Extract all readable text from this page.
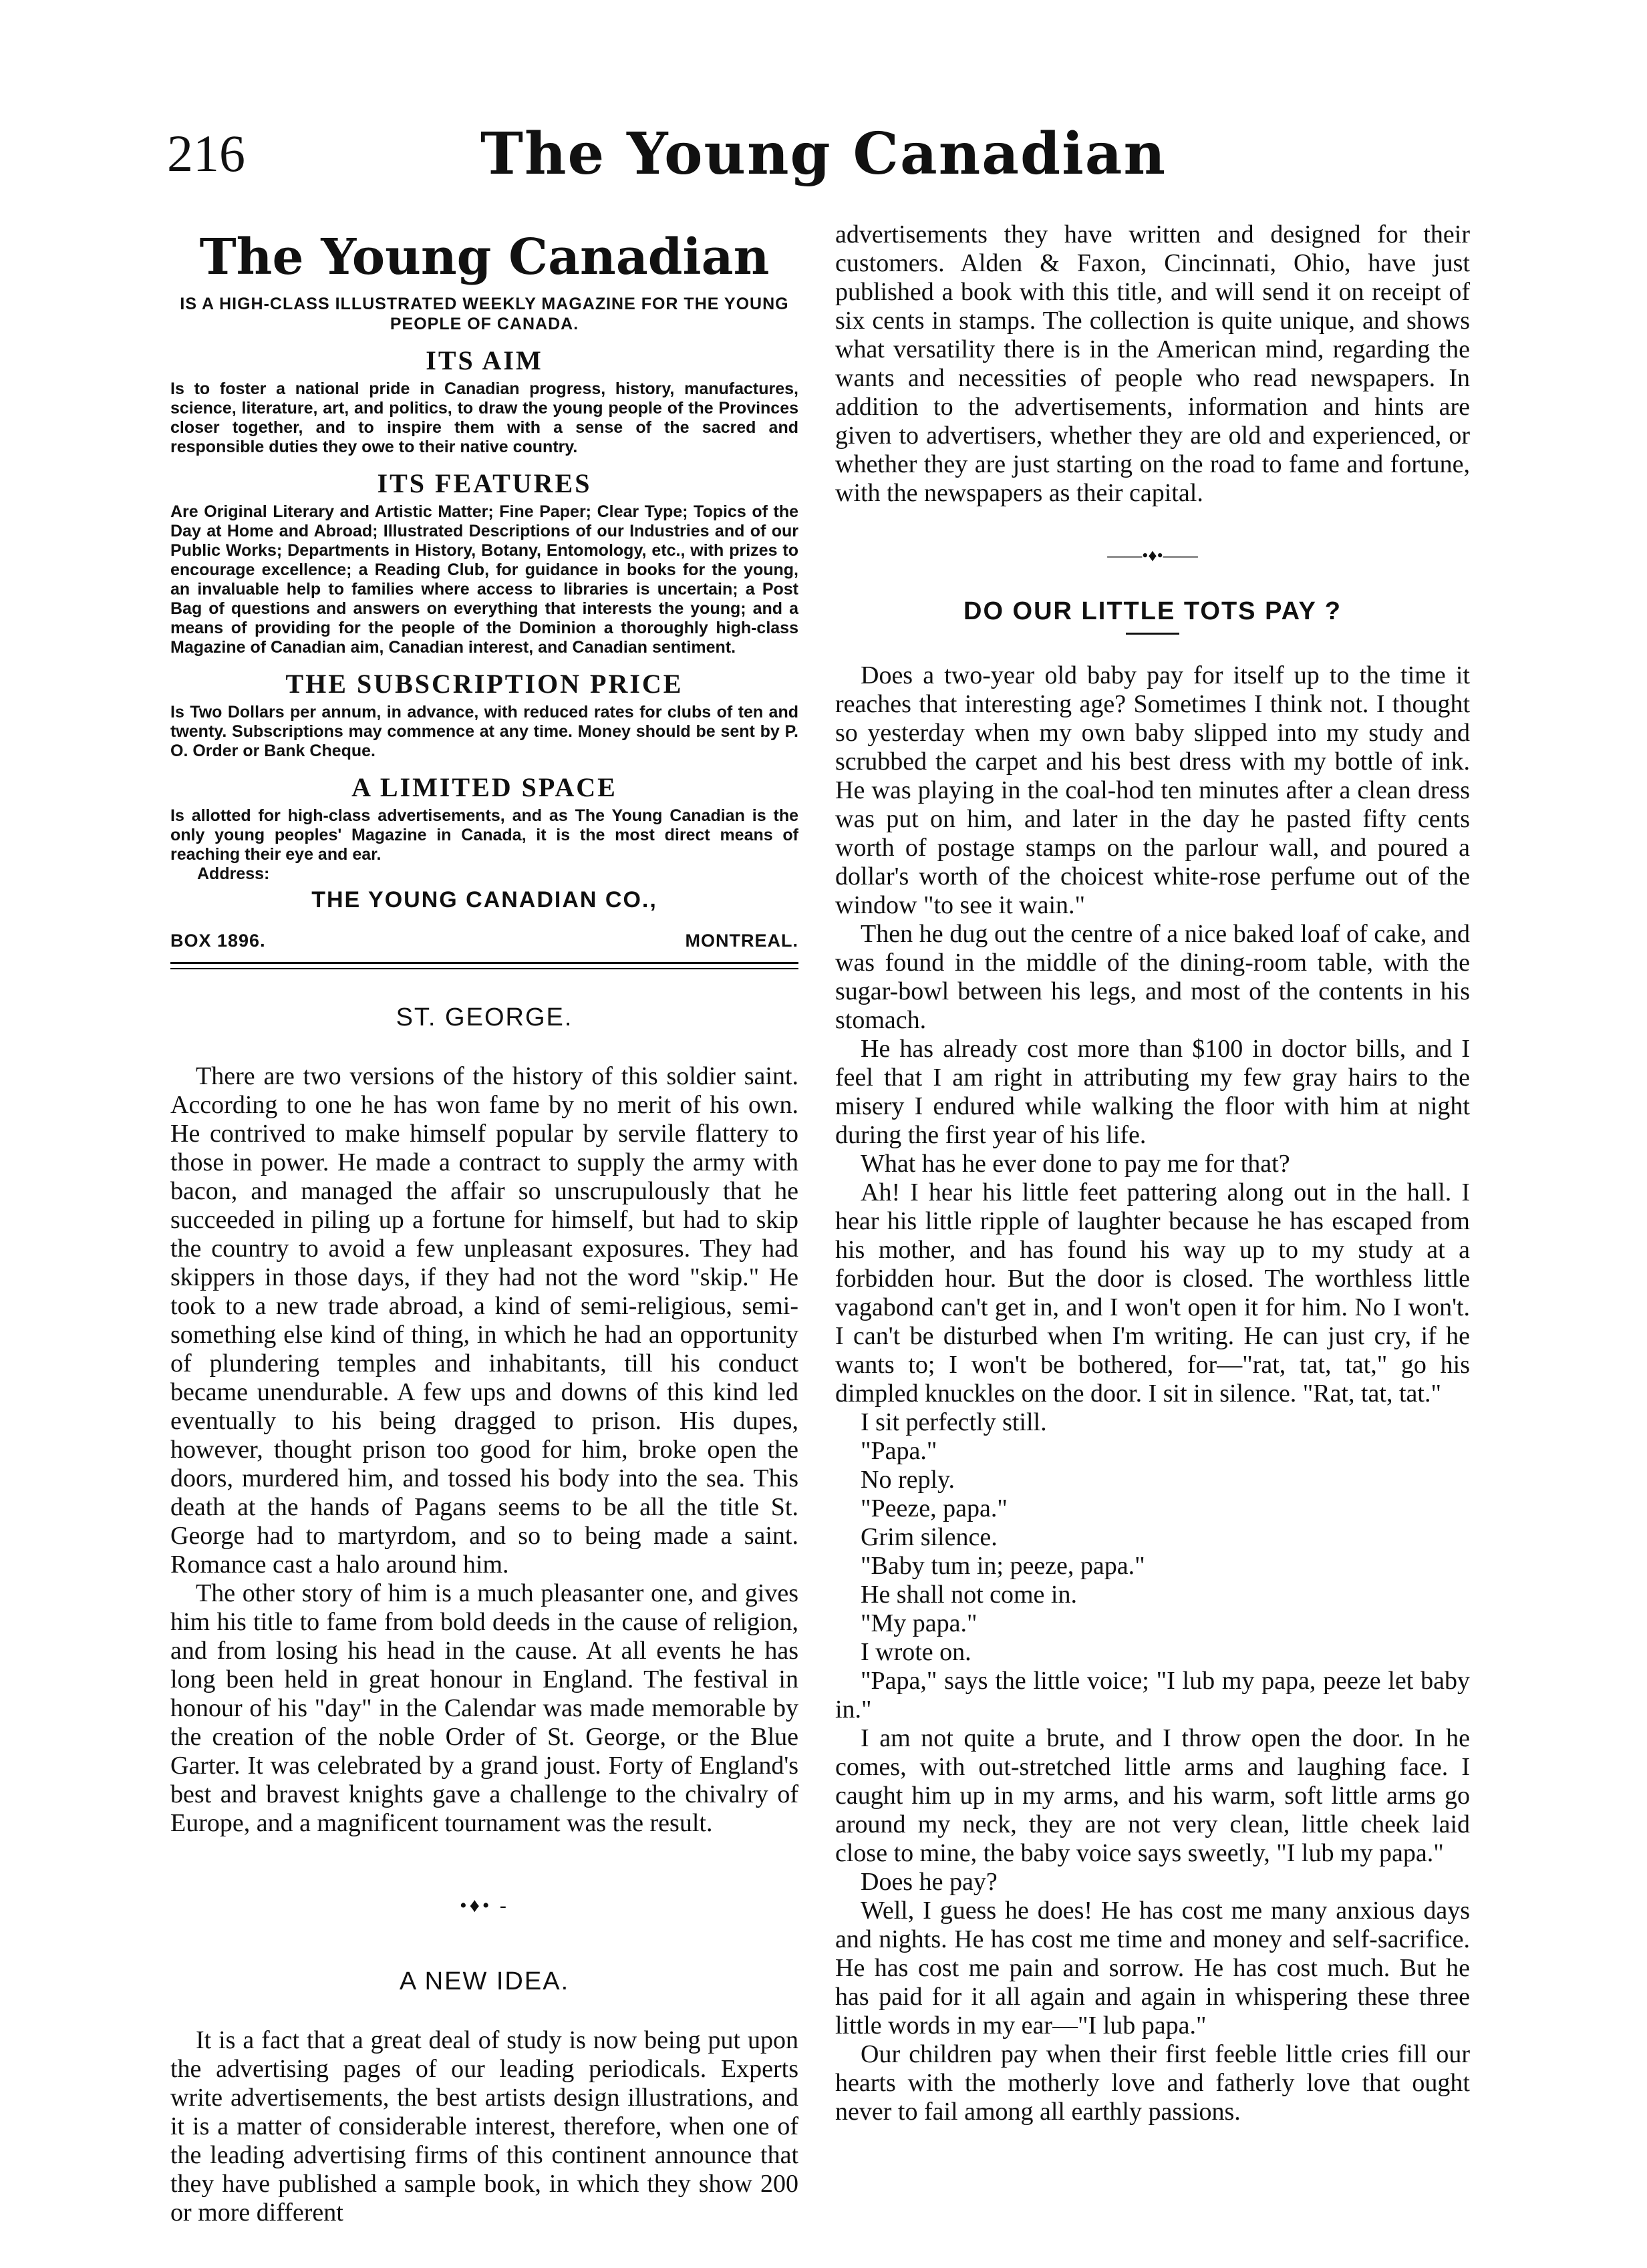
216	The Young Canadian
The Young Canadian
IS A HIGH-CLASS ILLUSTRATED WEEKLY MAGAZINE FOR THE YOUNG PEOPLE OF CANADA.
ITS AIM
Is to foster a national pride in Canadian progress, history, manufactures, science, literature, art, and politics, to draw the young people of the Provinces closer together, and to inspire them with a sense of the sacred and responsible duties they owe to their native country.
ITS FEATURES
Are Original Literary and Artistic Matter; Fine Paper; Clear Type; Topics of the Day at Home and Abroad; Illustrated Descriptions of our Industries and of our Public Works; Departments in History, Botany, Entomology, etc., with prizes to encourage excellence; a Reading Club, for guidance in books for the young, an invaluable help to families where access to libraries is uncertain; a Post Bag of questions and answers on everything that interests the young; and a means of providing for the people of the Dominion a thoroughly high-class Magazine of Canadian aim, Canadian interest, and Canadian sentiment.
THE SUBSCRIPTION PRICE
Is Two Dollars per annum, in advance, with reduced rates for clubs of ten and twenty. Subscriptions may commence at any time. Money should be sent by P. O. Order or Bank Cheque.
A LIMITED SPACE
Is allotted for high-class advertisements, and as The Young Canadian is the only young peoples' Magazine in Canada, it is the most direct means of reaching their eye and ear.
Address:
THE YOUNG CANADIAN CO.,
BOX 1896.	MONTREAL.
ST. GEORGE.

There are two versions of the history of this soldier saint. According to one he has won fame by no merit of his own. He contrived to make himself popular by servile flattery to those in power. He made a contract to supply the army with bacon, and managed the affair so unscrupulously that he succeeded in piling up a fortune for himself, but had to skip the country to avoid a few unpleasant exposures. They had skippers in those days, if they had not the word "skip." He took to a new trade abroad, a kind of semi-religious, semi-something else kind of thing, in which he had an opportunity of plundering temples and inhabitants, till his conduct became unendurable. A few ups and downs of this kind led eventually to his being dragged to prison. His dupes, however, thought prison too good for him, broke open the doors, murdered him, and tossed his body into the sea. This death at the hands of Pagans seems to be all the title St. George had to martyrdom, and so to being made a saint. Romance cast a halo around him.

The other story of him is a much pleasanter one, and gives him his title to fame from bold deeds in the cause of religion, and from losing his head in the cause. At all events he has long been held in great honour in England. The festival in honour of his "day" in the Calendar was made memorable by the creation of the noble Order of St. George, or the Blue Garter. It was celebrated by a grand joust. Forty of England's best and bravest knights gave a challenge to the chivalry of Europe, and a magnificent tournament was the result.

•♦• -
A NEW IDEA.

It is a fact that a great deal of study is now being put upon the advertising pages of our leading periodicals. Experts write advertisements, the best artists design illustrations, and it is a matter of considerable interest, therefore, when one of the leading advertising firms of this continent announce that they have published a sample book, in which they show 200 or more different

advertisements they have written and designed for their customers. Alden & Faxon, Cincinnati, Ohio, have just published a book with this title, and will send it on receipt of six cents in stamps. The collection is quite unique, and shows what versatility there is in the American mind, regarding the wants and necessities of people who read newspapers. In addition to the advertisements, information and hints are given to advertisers, whether they are old and experienced, or whether they are just starting on the road to fame and fortune, with the newspapers as their capital.

——•♦•——
DO OUR LITTLE TOTS PAY ?

Does a two-year old baby pay for itself up to the time it reaches that interesting age? Sometimes I think not. I thought so yesterday when my own baby slipped into my study and scrubbed the carpet and his best dress with my bottle of ink. He was playing in the coal-hod ten minutes after a clean dress was put on him, and later in the day he pasted fifty cents worth of postage stamps on the parlour wall, and poured a dollar's worth of the choicest white-rose perfume out of the window "to see it wain."

Then he dug out the centre of a nice baked loaf of cake, and was found in the middle of the dining-room table, with the sugar-bowl between his legs, and most of the contents in his stomach.

He has already cost more than $100 in doctor bills, and I feel that I am right in attributing my few gray hairs to the misery I endured while walking the floor with him at night during the first year of his life.

What has he ever done to pay me for that?

Ah! I hear his little feet pattering along out in the hall. I hear his little ripple of laughter because he has escaped from his mother, and has found his way up to my study at a forbidden hour. But the door is closed. The worthless little vagabond can't get in, and I won't open it for him. No I won't. I can't be disturbed when I'm writing. He can just cry, if he wants to; I won't be bothered, for—"rat, tat, tat," go his dimpled knuckles on the door. I sit in silence. "Rat, tat, tat."

I sit perfectly still.

"Papa."

No reply.

"Peeze, papa."

Grim silence.

"Baby tum in; peeze, papa."

He shall not come in.

"My papa."

I wrote on.

"Papa," says the little voice; "I lub my papa, peeze let baby in."

I am not quite a brute, and I throw open the door. In he comes, with out-stretched little arms and laughing face. I caught him up in my arms, and his warm, soft little arms go around my neck, they are not very clean, little cheek laid close to mine, the baby voice says sweetly, "I lub my papa."

Does he pay?

Well, I guess he does! He has cost me many anxious days and nights. He has cost me time and money and self-sacrifice. He has cost me pain and sorrow. He has cost much. But he has paid for it all again and again in whispering these three little words in my ear—"I lub papa."

Our children pay when their first feeble little cries fill our hearts with the motherly love and fatherly love that ought never to fail among all earthly passions.
